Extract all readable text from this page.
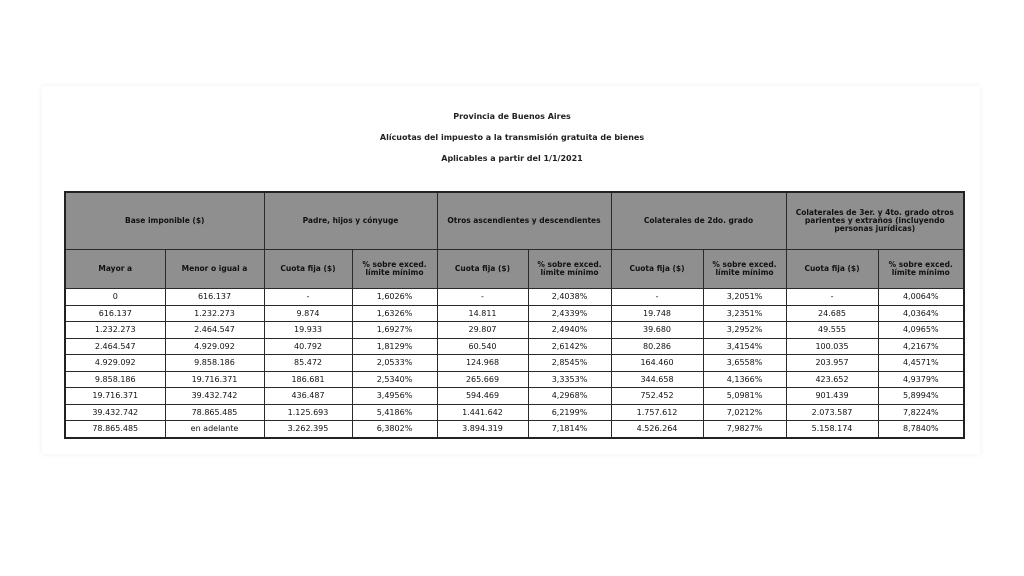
Provincia de Buenos Aires
Alícuotas del impuesto a la transmisión gratuita de bienes
Aplicables a partir del 1/1/2021
Base imponible ($)		Padre, hijos y cónyuge		Otros ascendientes y descendientes		Colaterales de 2do. grado		Colaterales de 3er. y 4to. grado otros parientes y extraños (incluyendo personas jurídicas)	
Mayor a	Menor o igual a	Cuota fija ($)	% sobre exced. límite mínimo	Cuota fija ($)	% sobre exced. límite mínimo	Cuota fija ($)	% sobre exced. límite mínimo	Cuota fija ($)	% sobre exced. límite mínimo
0	616.137	-	1,6026%	-	2,4038%	-	3,2051%	-	4,0064%
616.137	1.232.273	9.874	1,6326%	14.811	2,4339%	19.748	3,2351%	24.685	4,0364%
1.232.273	2.464.547	19.933	1,6927%	29.807	2,4940%	39.680	3,2952%	49.555	4,0965%
2.464.547	4.929.092	40.792	1,8129%	60.540	2,6142%	80.286	3,4154%	100.035	4,2167%
4.929.092	9.858.186	85.472	2,0533%	124.968	2,8545%	164.460	3,6558%	203.957	4,4571%
9.858.186	19.716.371	186.681	2,5340%	265.669	3,3353%	344.658	4,1366%	423.652	4,9379%
19.716.371	39.432.742	436.487	3,4956%	594.469	4,2968%	752.452	5,0981%	901.439	5,8994%
39.432.742	78.865.485	1.125.693	5,4186%	1.441.642	6,2199%	1.757.612	7,0212%	2.073.587	7,8224%
78.865.485	en adelante	3.262.395	6,3802%	3.894.319	7,1814%	4.526.264	7,9827%	5.158.174	8,7840%
